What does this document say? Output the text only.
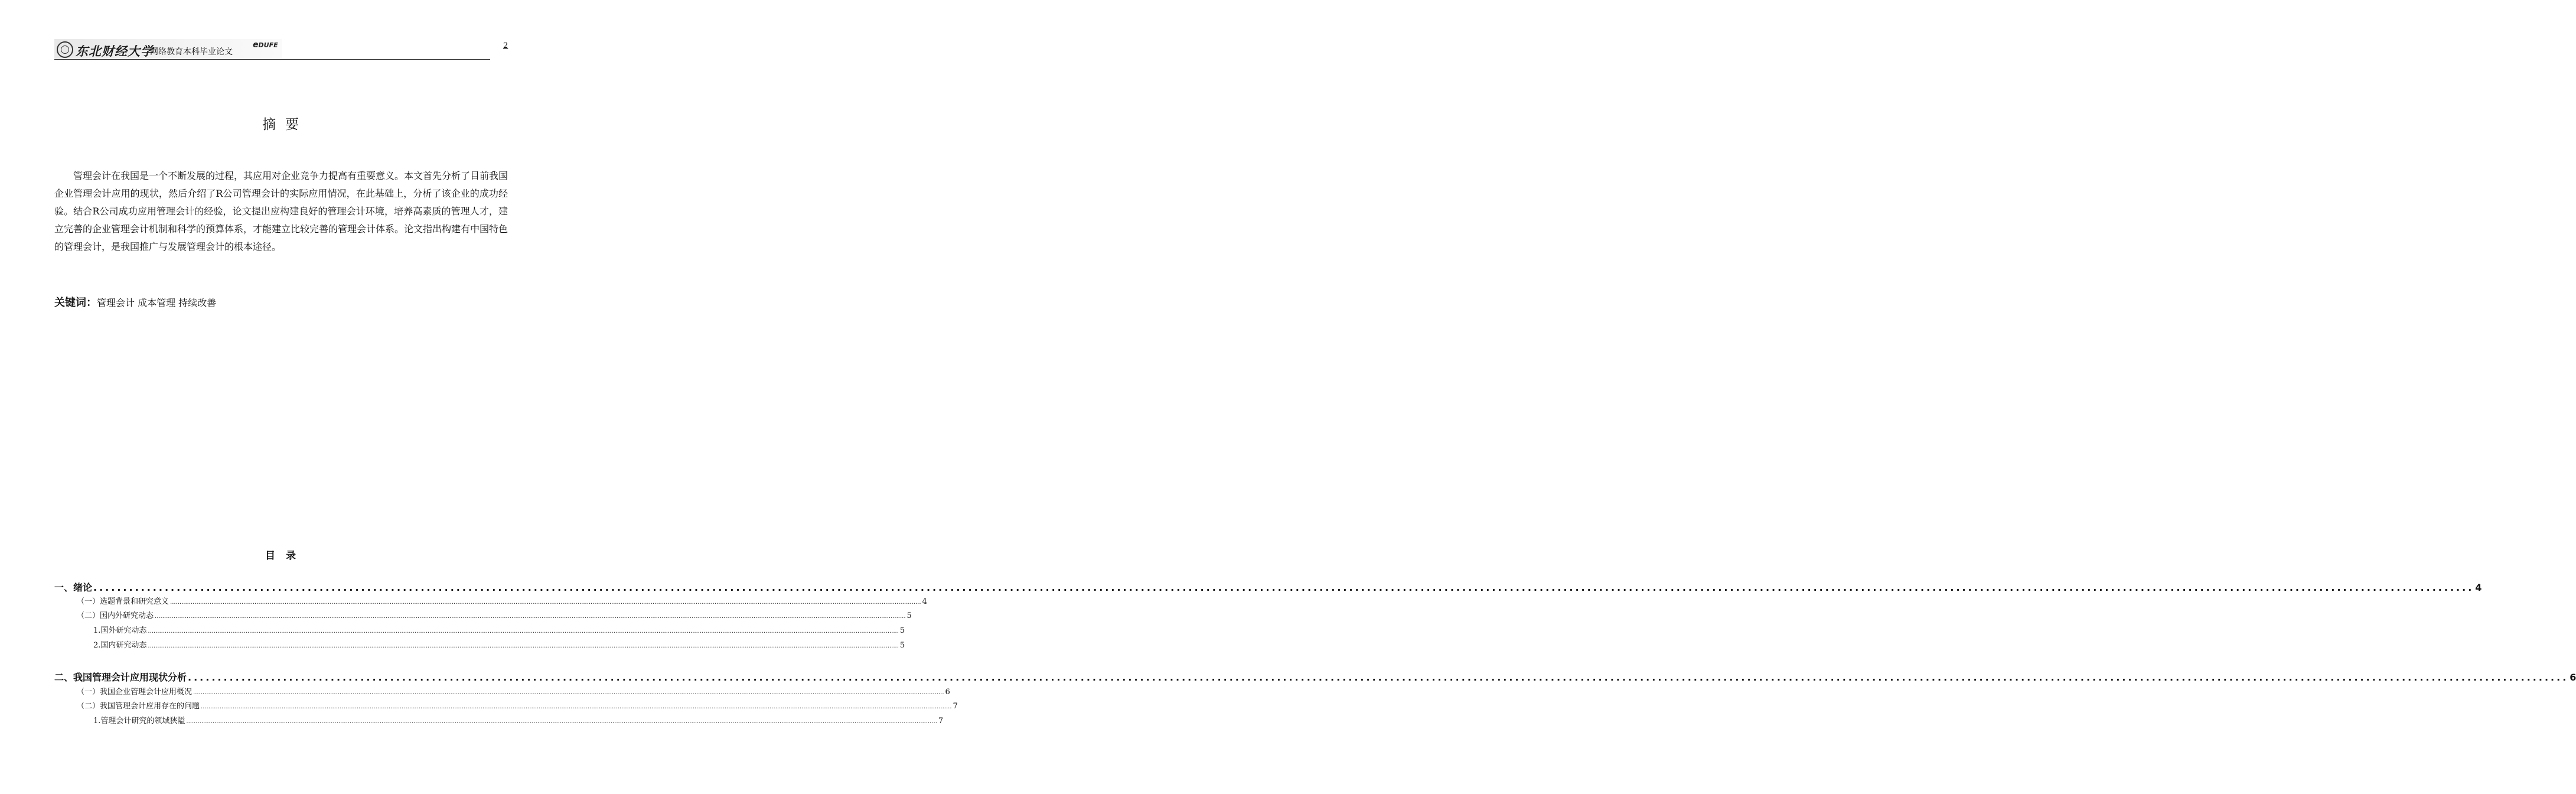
东北财经大学
网络教育本科毕业论文
eDUFE	2
摘要

管理会计在我国是一个不断发展的过程，其应用对企业竞争力提高有重要意义。本文首先分析了目前我国企业管理会计应用的现状，然后介绍了R公司管理会计的实际应用情况，在此基础上，分析了该企业的成功经验。结合R公司成功应用管理会计的经验，论文提出应构建良好的管理会计环境，培养高素质的管理人才，建立完善的企业管理会计机制和科学的预算体系，才能建立比较完善的管理会计体系。论文指出构建有中国特色的管理会计，是我国推广与发展管理会计的根本途径。

关键词：管理会计 成本管理 持续改善
目录
一、绪论 ................................................................................................................................................................................................................................................................................................................................................................................................................ 4
（一）选题背景和研究意义 ................................................................................................................................................................................................................................................................................................................................................................................................................ 4
（二）国内外研究动态 ................................................................................................................................................................................................................................................................................................................................................................................................................ 5
1.国外研究动态 ................................................................................................................................................................................................................................................................................................................................................................................................................ 5
2.国内研究动态 ................................................................................................................................................................................................................................................................................................................................................................................................................ 5
二、我国管理会计应用现状分析 ................................................................................................................................................................................................................................................................................................................................................................................................................ 6
（一）我国企业管理会计应用概况 ................................................................................................................................................................................................................................................................................................................................................................................................................ 6
（二）我国管理会计应用存在的问题 ................................................................................................................................................................................................................................................................................................................................................................................................................ 7
1.管理会计研究的领域狭隘 ................................................................................................................................................................................................................................................................................................................................................................................................................ 7
